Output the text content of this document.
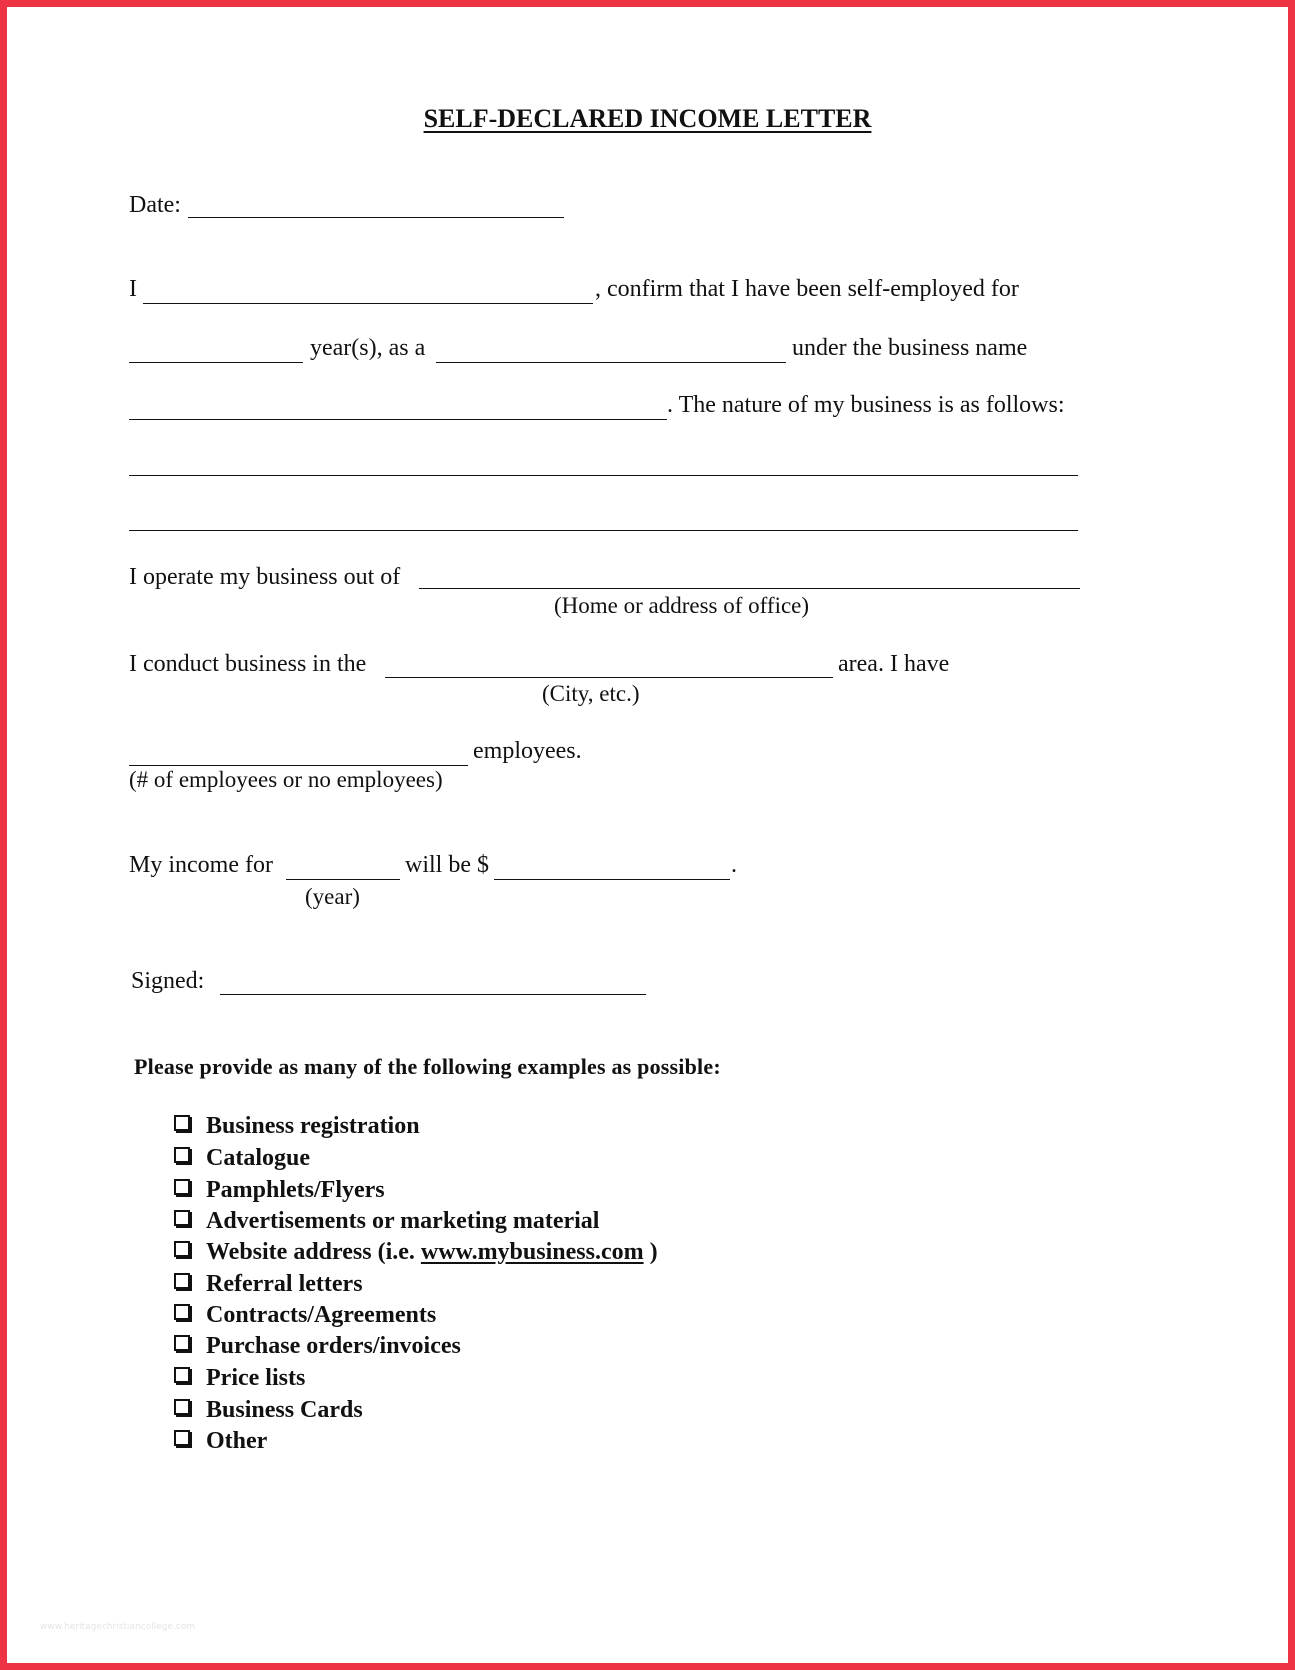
SELF-DECLARED INCOME LETTER
Date:
I	, confirm that I have been self-employed for
year(s), as a	under the business name
. The nature of my business is as follows:
I operate my business out of
(Home or address of office)
I conduct business in the	area. I have
(City, etc.)
employees.
(# of employees or no employees)
My income for	will be $	.
(year)
Signed:
Please provide as many of the following examples as possible:
Business registration
Catalogue
Pamphlets/Flyers
Advertisements or marketing material
Website address (i.e. www.mybusiness.com )
Referral letters
Contracts/Agreements
Purchase orders/invoices
Price lists
Business Cards
Other
www.heritagechristiancollege.com
